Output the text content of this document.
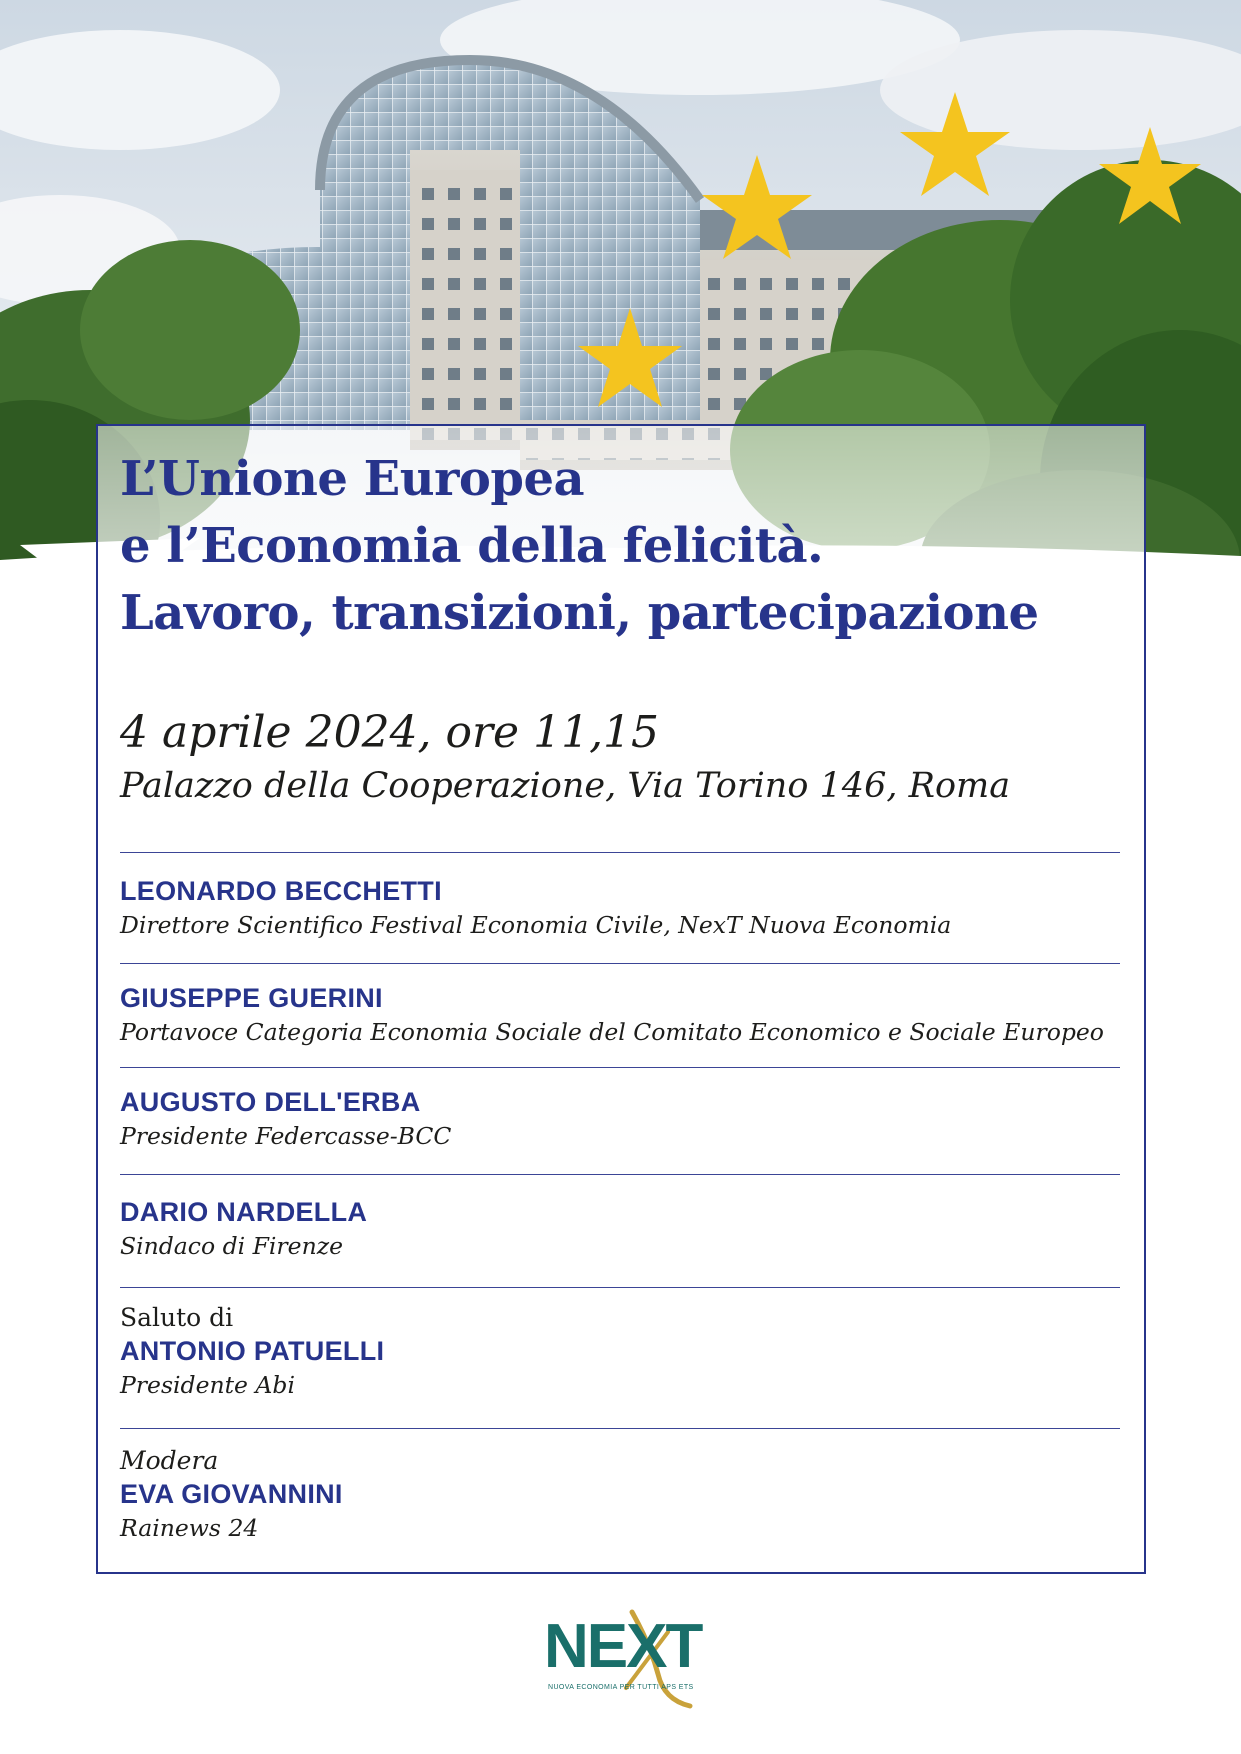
L’Unione Europea
e l’Economia della felicità.
Lavoro, transizioni, partecipazione
4 aprile 2024, ore 11,15
Palazzo della Cooperazione, Via Torino 146, Roma
LEONARDO BECCHETTI
Direttore Scientifico Festival Economia Civile, NexT Nuova Economia
GIUSEPPE GUERINI
Portavoce Categoria Economia Sociale del Comitato Economico e Sociale Europeo
AUGUSTO DELL'ERBA
Presidente Federcasse-BCC
DARIO NARDELLA
Sindaco di Firenze
Saluto di
ANTONIO PATUELLI
Presidente Abi
Modera
EVA GIOVANNINI
Rainews 24
NEXT
NUOVA ECONOMIA PER TUTTI APS ETS
